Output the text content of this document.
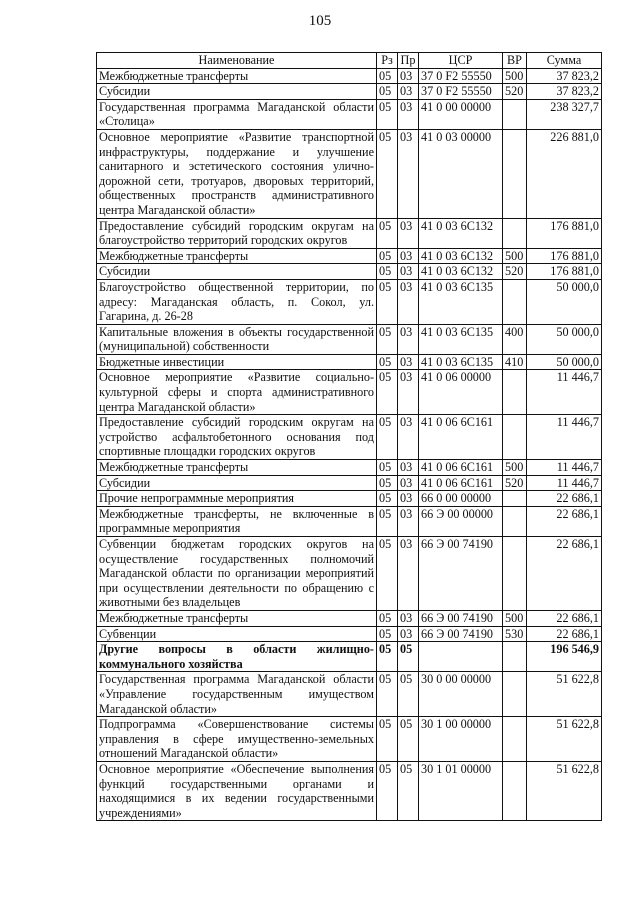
105
Наименование	Рз	Пр	ЦСР	ВР	Сумма
Межбюджетные трансферты	05	03	37 0 F2 55550	500	37 823,2
Субсидии	05	03	37 0 F2 55550	520	37 823,2
Государственная программа Магаданской области «Столица»	05	03	41 0 00 00000		238 327,7
Основное мероприятие «Развитие транспортной инфраструктуры, поддержание и улучшение санитарного и эстетического состояния улично-дорожной сети, тротуаров, дворовых территорий, общественных пространств административного центра Магаданской области»	05	03	41 0 03 00000		226 881,0
Предоставление субсидий городским округам на благоустройство территорий городских округов	05	03	41 0 03 6С132		176 881,0
Межбюджетные трансферты	05	03	41 0 03 6С132	500	176 881,0
Субсидии	05	03	41 0 03 6С132	520	176 881,0
Благоустройство общественной территории, по адресу: Магаданская область, п. Сокол, ул. Гагарина, д. 26-28	05	03	41 0 03 6С135		50 000,0
Капитальные вложения в объекты государственной (муниципальной) собственности	05	03	41 0 03 6С135	400	50 000,0
Бюджетные инвестиции	05	03	41 0 03 6С135	410	50 000,0
Основное мероприятие «Развитие социально-культурной сферы и спорта административного центра Магаданской области»	05	03	41 0 06 00000		11 446,7
Предоставление субсидий городским округам на устройство асфальтобетонного основания под спортивные площадки городских округов	05	03	41 0 06 6С161		11 446,7
Межбюджетные трансферты	05	03	41 0 06 6С161	500	11 446,7
Субсидии	05	03	41 0 06 6С161	520	11 446,7
Прочие непрограммные мероприятия	05	03	66 0 00 00000		22 686,1
Межбюджетные трансферты, не включенные в программные мероприятия	05	03	66 Э 00 00000		22 686,1
Субвенции бюджетам городских округов на осуществление государственных полномочий Магаданской области по организации мероприятий при осуществлении деятельности по обращению с животными без владельцев	05	03	66 Э 00 74190		22 686,1
Межбюджетные трансферты	05	03	66 Э 00 74190	500	22 686,1
Субвенции	05	03	66 Э 00 74190	530	22 686,1
Другие вопросы в области жилищно-коммунального хозяйства	05	05			196 546,9
Государственная программа Магаданской области «Управление государственным имуществом Магаданской области»	05	05	30 0 00 00000		51 622,8
Подпрограмма «Совершенствование системы управления в сфере имущественно-земельных отношений Магаданской области»	05	05	30 1 00 00000		51 622,8
Основное мероприятие «Обеспечение выполнения функций государственными органами и находящимися в их ведении государственными учреждениями»	05	05	30 1 01 00000		51 622,8
